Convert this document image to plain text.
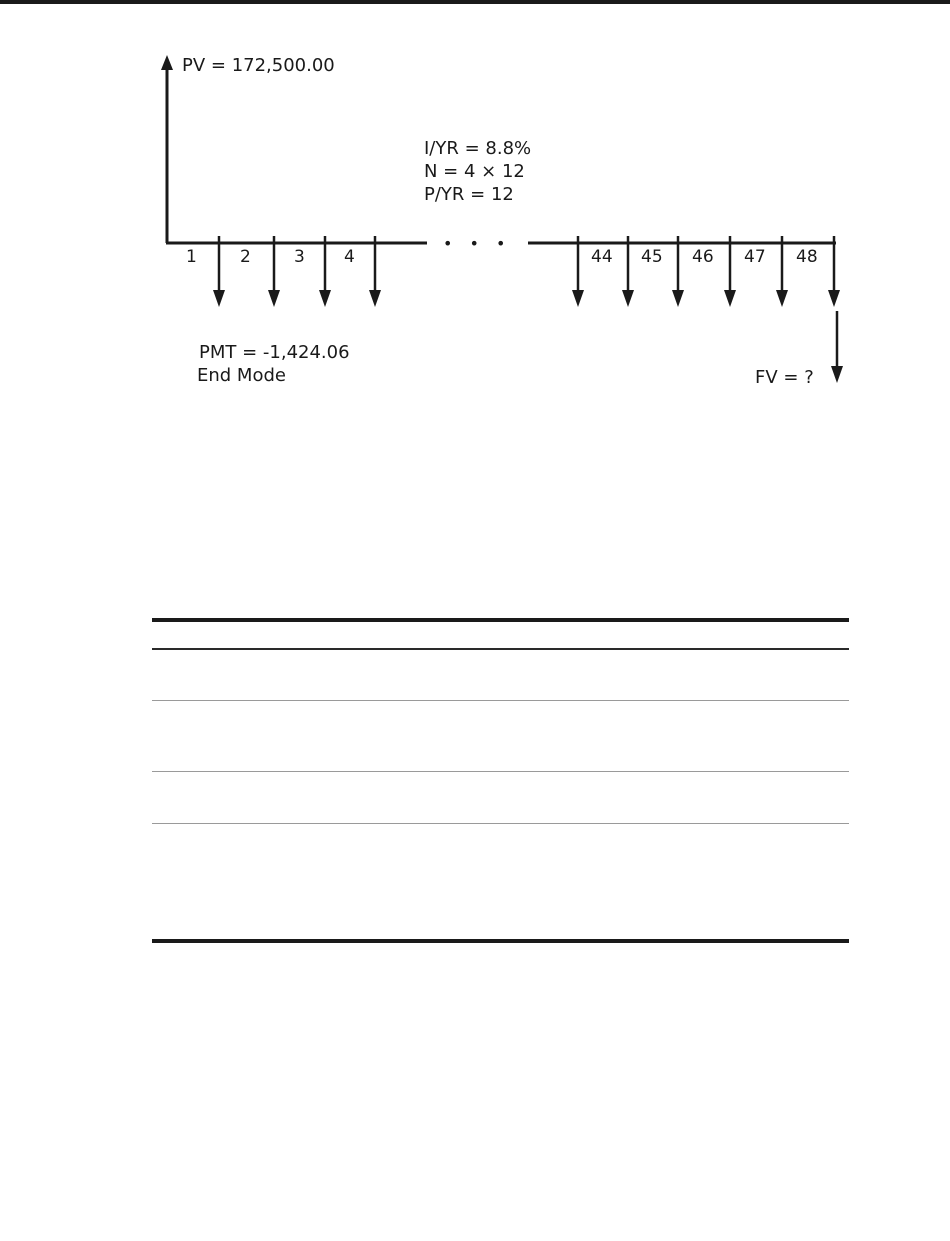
PV = 172,500.00
I/YR = 8.8%
N = 4 × 12
P/YR = 12
• • •
1	2	3 4	44 45 46 47 48
FV = ?
PMT = -1,424.06
End Mode
